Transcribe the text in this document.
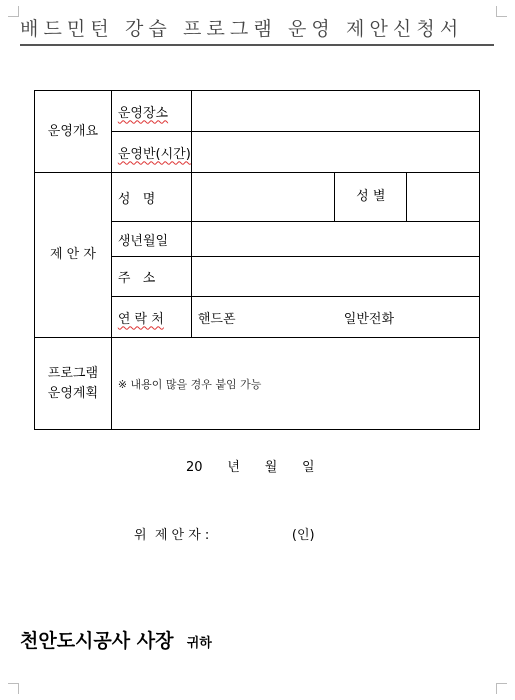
배드민턴 강습 프로그램 운영 제안신청서
운영개요	운영장소			
	운영반(시간)			
제 안 자	성   명		성 별	
	생년월일			
	주   소			
	연 락 처	핸드폰 일반전화		

프로그램
운영계획	※ 내용이 많을 경우 붙임 가능			
20      년      월      일
위  제 안 자 :                    (인)
천안도시공사 사장 귀하
